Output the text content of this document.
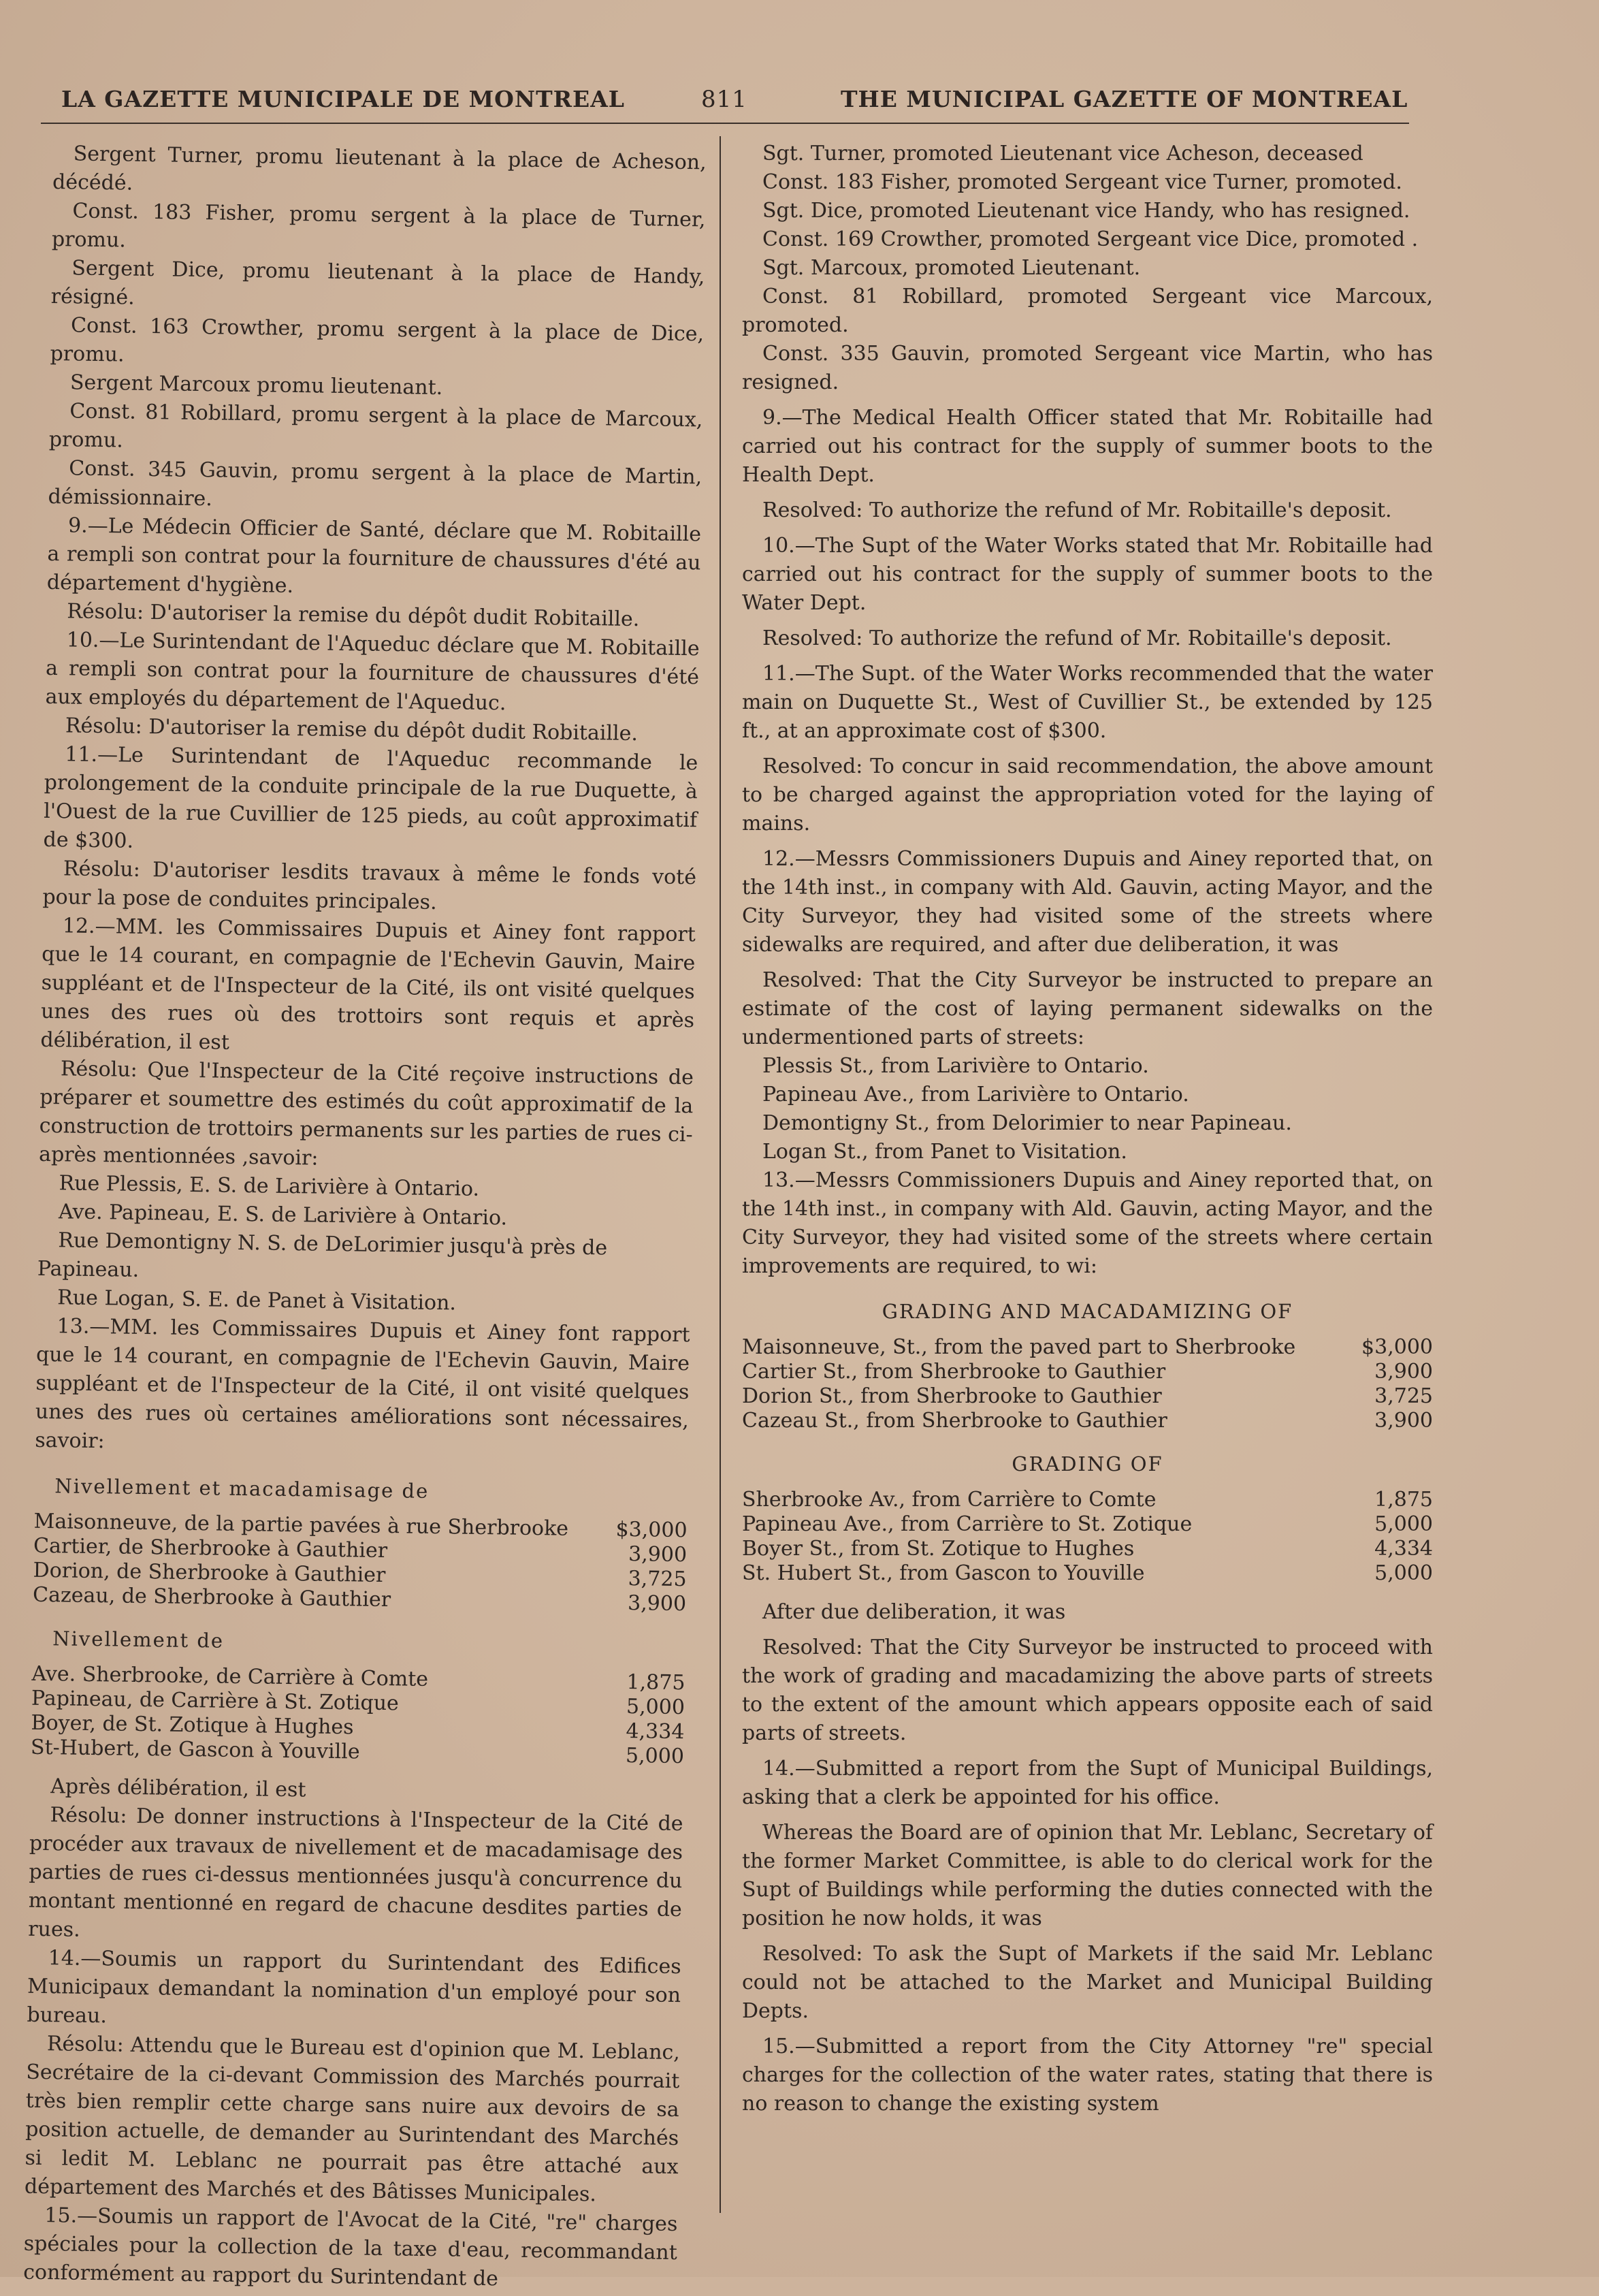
LA GAZETTE MUNICIPALE DE MONTREAL	811	THE MUNICIPAL GAZETTE OF MONTREAL

Sergent Turner, promu lieutenant à la place de Acheson, décédé.

Const. 183 Fisher, promu sergent à la place de Turner, promu.

Sergent Dice, promu lieutenant à la place de Handy, résigné.

Const. 163 Crowther, promu sergent à la place de Dice, promu.

Sergent Marcoux promu lieutenant.

Const. 81 Robillard, promu sergent à la place de Marcoux, promu.

Const. 345 Gauvin, promu sergent à la place de Martin, démissionnaire.

9.—Le Médecin Officier de Santé, déclare que M. Robitaille a rempli son contrat pour la fourniture de chaussures d'été au département d'hygiène.

Résolu: D'autoriser la remise du dépôt dudit Robitaille.

10.—Le Surintendant de l'Aqueduc déclare que M. Robitaille a rempli son contrat pour la fourniture de chaussures d'été aux employés du département de l'Aqueduc.

Résolu: D'autoriser la remise du dépôt dudit Robitaille.

11.—Le Surintendant de l'Aqueduc recommande le prolongement de la conduite principale de la rue Duquette, à l'Ouest de la rue Cuvillier de 125 pieds, au coût approximatif de $300.

Résolu: D'autoriser lesdits travaux à même le fonds voté pour la pose de conduites principales.

12.—MM. les Commissaires Dupuis et Ainey font rapport que le 14 courant, en compagnie de l'Echevin Gauvin, Maire suppléant et de l'Inspecteur de la Cité, ils ont visité quelques unes des rues où des trottoirs sont requis et après délibération, il est

Résolu: Que l'Inspecteur de la Cité reçoive instructions de préparer et soumettre des estimés du coût approximatif de la construction de trottoirs permanents sur les parties de rues ci-après mentionnées ,savoir:

Rue Plessis, E. S. de Larivière à Ontario.
Ave. Papineau, E. S. de Larivière à Ontario.
Rue Demontigny N. S. de DeLorimier jusqu'à près de Papineau.
Rue Logan, S. E. de Panet à Visitation.

13.—MM. les Commissaires Dupuis et Ainey font rapport que le 14 courant, en compagnie de l'Echevin Gauvin, Maire suppléant et de l'Inspecteur de la Cité, il ont visité quelques unes des rues où certaines améliorations sont nécessaires, savoir:

Nivellement et macadamisage de
Maisonneuve, de la partie pavées à rue Sherbrooke	$3,000
Cartier, de Sherbrooke à Gauthier	3,900
Dorion, de Sherbrooke à Gauthier	3,725
Cazeau, de Sherbrooke à Gauthier	3,900
Nivellement de
Ave. Sherbrooke, de Carrière à Comte	1,875
Papineau, de Carrière à St. Zotique	5,000
Boyer, de St. Zotique à Hughes	4,334
St-Hubert, de Gascon à Youville	5,000

Après délibération, il est

Résolu: De donner instructions à l'Inspecteur de la Cité de procéder aux travaux de nivellement et de macadamisage des parties de rues ci-dessus mentionnées jusqu'à concurrence du montant mentionné en regard de chacune desdites parties de rues.

14.—Soumis un rapport du Surintendant des Edifices Municipaux demandant la nomination d'un employé pour son bureau.

Résolu: Attendu que le Bureau est d'opinion que M. Leblanc, Secrétaire de la ci-devant Commission des Marchés pourrait très bien remplir cette charge sans nuire aux devoirs de sa position actuelle, de demander au Surintendant des Marchés si ledit M. Leblanc ne pourrait pas être attaché aux département des Marchés et des Bâtisses Municipales.

15.—Soumis un rapport de l'Avocat de la Cité, "re" charges spéciales pour la collection de la taxe d'eau, recommandant conformément au rapport du Surintendant de

Sgt. Turner, promoted Lieutenant vice Acheson, deceased

Const. 183 Fisher, promoted Sergeant vice Turner, promoted.

Sgt. Dice, promoted Lieutenant vice Handy, who has resigned.

Const. 169 Crowther, promoted Sergeant vice Dice, promoted .

Sgt. Marcoux, promoted Lieutenant.

Const. 81 Robillard, promoted Sergeant vice Marcoux, promoted.

Const. 335 Gauvin, promoted Sergeant vice Martin, who has resigned.

9.—The Medical Health Officer stated that Mr. Robitaille had carried out his contract for the supply of summer boots to the Health Dept.

Resolved: To authorize the refund of Mr. Robitaille's deposit.

10.—The Supt of the Water Works stated that Mr. Robitaille had carried out his contract for the supply of summer boots to the Water Dept.

Resolved: To authorize the refund of Mr. Robitaille's deposit.

11.—The Supt. of the Water Works recommended that the water main on Duquette St., West of Cuvillier St., be extended by 125 ft., at an approximate cost of $300.

Resolved: To concur in said recommendation, the above amount to be charged against the appropriation voted for the laying of mains.

12.—Messrs Commissioners Dupuis and Ainey reported that, on the 14th inst., in company with Ald. Gauvin, acting Mayor, and the City Surveyor, they had visited some of the streets where sidewalks are required, and after due deliberation, it was

Resolved: That the City Surveyor be instructed to prepare an estimate of the cost of laying permanent sidewalks on the undermentioned parts of streets:

Plessis St., from Larivière to Ontario.
Papineau Ave., from Larivière to Ontario.
Demontigny St., from Delorimier to near Papineau.
Logan St., from Panet to Visitation.

13.—Messrs Commissioners Dupuis and Ainey reported that, on the 14th inst., in company with Ald. Gauvin, acting Mayor, and the City Surveyor, they had visited some of the streets where certain improvements are required, to wi:

GRADING AND MACADAMIZING OF
Maisonneuve, St., from the paved part to Sherbrooke	$3,000
Cartier St., from Sherbrooke to Gauthier	3,900
Dorion St., from Sherbrooke to Gauthier	3,725
Cazeau St., from Sherbrooke to Gauthier	3,900
GRADING OF
Sherbrooke Av., from Carrière to Comte	1,875
Papineau Ave., from Carrière to St. Zotique	5,000
Boyer St., from St. Zotique to Hughes	4,334
St. Hubert St., from Gascon to Youville	5,000

After due deliberation, it was

Resolved: That the City Surveyor be instructed to proceed with the work of grading and macadamizing the above parts of streets to the extent of the amount which appears opposite each of said parts of streets.

14.—Submitted a report from the Supt of Municipal Buildings, asking that a clerk be appointed for his office.

Whereas the Board are of opinion that Mr. Leblanc, Secretary of the former Market Committee, is able to do clerical work for the Supt of Buildings while performing the duties connected with the position he now holds, it was

Resolved: To ask the Supt of Markets if the said Mr. Leblanc could not be attached to the Market and Municipal Building Depts.

15.—Submitted a report from the City Attorney "re" special charges for the collection of the water rates, stating that there is no reason to change the existing system
